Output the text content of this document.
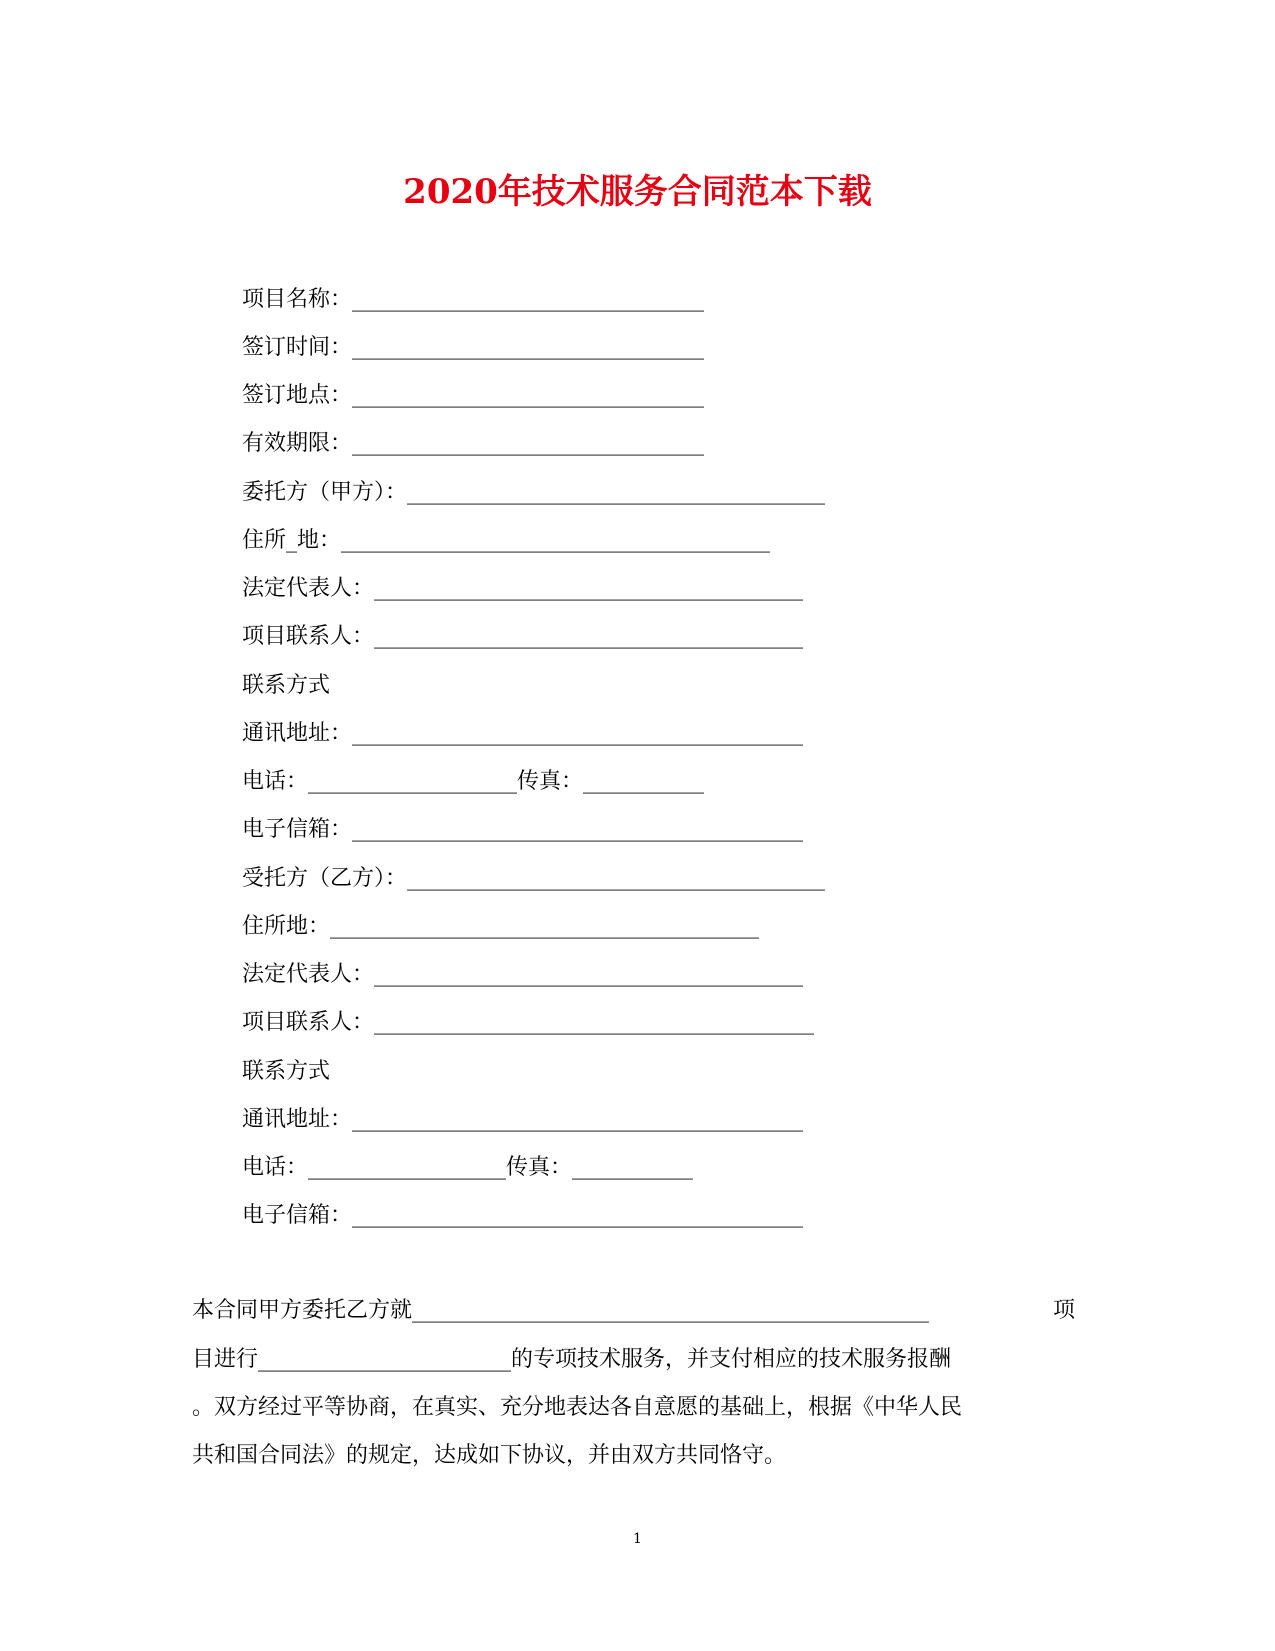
2020年技术服务合同范本下载
项目名称：________________________________
签订时间：________________________________
签订地点：________________________________
有效期限：________________________________
委托方（甲方）：______________________________________
住所_地：_______________________________________
法定代表人：_______________________________________
项目联系人：_______________________________________
联系方式
通讯地址：_________________________________________
电话：___________________传真：___________
电子信箱：_________________________________________
受托方（乙方）：______________________________________
住所地：_______________________________________
法定代表人：_______________________________________
项目联系人：________________________________________
联系方式
通讯地址：_________________________________________
电话：__________________传真：___________
电子信箱：_________________________________________
本合同甲方委托乙方就_______________________________________________	项
目进行_______________________的专项技术服务，并支付相应的技术服务报酬
。双方经过平等协商，在真实、充分地表达各自意愿的基础上，根据《中华人民
共和国合同法》的规定，达成如下协议，并由双方共同恪守。
1
